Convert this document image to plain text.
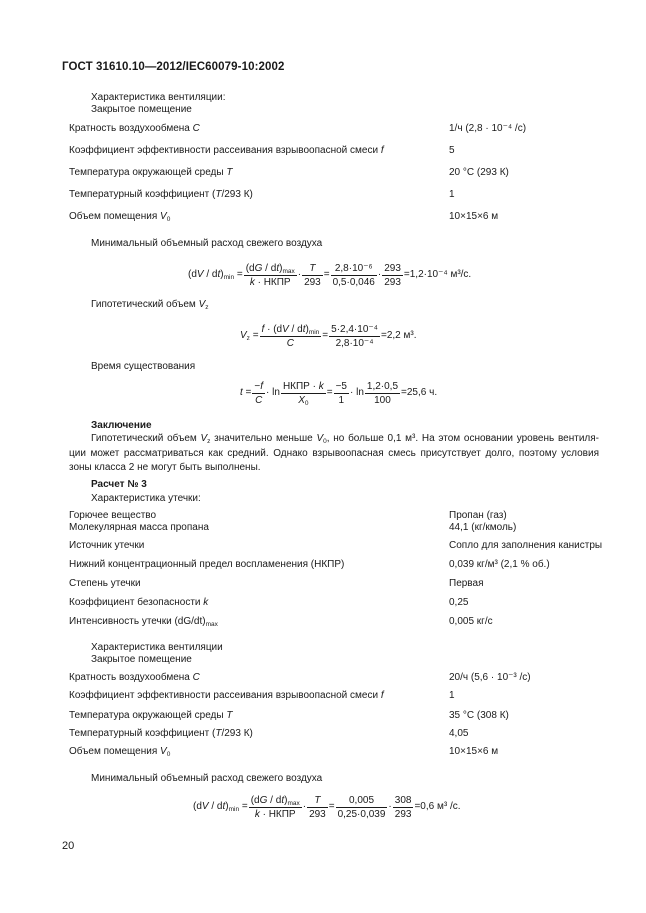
ГОСТ 31610.10—2012/IEC60079-10:2002
Характеристика вентиляции:
Закрытое помещение
Кратность воздухообмена C	1/ч (2,8 · 10⁻⁴ /с)
Коэффициент эффективности рассеивания взрывоопасной смеси f	5
Температура окружающей среды T	20 °С (293 К)
Температурный коэффициент (T/293 К)	1
Объем помещения $V_0$	10×15×6 м
Минимальный объемный расход свежего воздуха
$(dV / dt)_{min} = \frac{(dG / dt)_{max}}{\text{k · НКПР}} \cdot \frac{T}{293} = \frac{\text{2,8·10⁻⁶}}{0,5\cdot 0,046} \cdot \frac{293}{293} = 1,2\cdot 10^{-4}$ м³/с.
Гипотетический объем $V_z$
$V_z = \frac{f \cdot (dV / dt)_{min}}{C} = \frac{\text{5·2,4·10⁻⁴}}{\text{2,8·10⁻⁴}} = 2,2$ м³.
Время существования
$t = \frac{-f}{C} \cdot \ln \frac{\text{НКПР · k}}{X_0} = \frac{-5}{1} \cdot \ln \frac{1,2\cdot 0,5}{100} = 25,6$ ч.
Заключение
Гипотетический объем $V_z$ значительно меньше $V_0$, но больше 0,1 м³. На этом основании уровень вентиля-ции может рассматриваться как средний. Однако взрывоопасная смесь присутствует долго, поэтому условия зоны класса 2 не могут быть выполнены.
Расчет № 3
Характеристика утечки:
Горючее вещество	Пропан (газ)
Молекулярная масса пропана	44,1 (кг/кмоль)
Источник утечки	Сопло для заполнения канистры
Нижний концентрационный предел воспламенения (НКПР)	0,039 кг/м³ (2,1 % об.)
Степень утечки	Первая
Коэффициент безопасности k	0,25
Интенсивность утечки $(dG/dt)_{max}$	0,005 кг/с
Характеристика вентиляции
Закрытое помещение
Кратность воздухообмена C	20/ч (5,6 · 10⁻³ /с)
Коэффициент эффективности рассеивания взрывоопасной смеси f	1
Температура окружающей среды T	35 °С (308 К)
Температурный коэффициент (T/293 К)	4,05
Объем помещения $V_0$	10×15×6 м
Минимальный объемный расход свежего воздуха
$(dV / dt)_{min} = \frac{(dG / dt)_{max}}{\text{k · НКПР}} \cdot \frac{T}{293} = \frac{0,005}{0,25\cdot 0,039} \cdot \frac{308}{293} = 0,6$ м³ /с.
20
